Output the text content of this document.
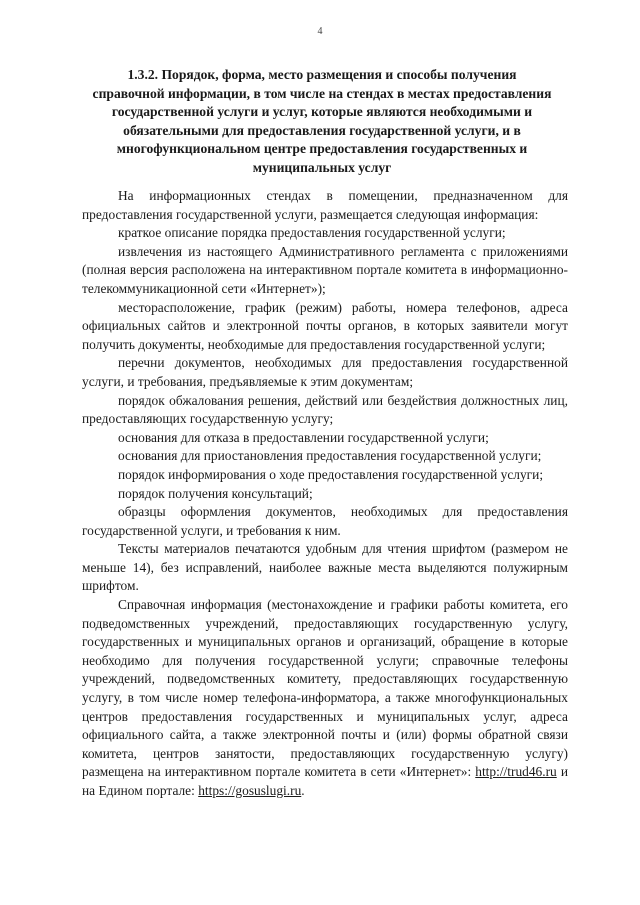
4
1.3.2. Порядок, форма, место размещения и способы получения справочной информации, в том числе на стендах в местах предоставления государственной услуги и услуг, которые являются необходимыми и обязательными для предоставления государственной услуги, и в многофункциональном центре предоставления государственных и муниципальных услуг

На информационных стендах в помещении, предназначенном для предоставления государственной услуги, размещается следующая информация:

краткое описание порядка предоставления государственной услуги;

извлечения из настоящего Административного регламента с приложениями (полная версия расположена на интерактивном портале комитета в информационно-телекоммуникационной сети «Интернет»);

месторасположение, график (режим) работы, номера телефонов, адреса официальных сайтов и электронной почты органов, в которых заявители могут получить документы, необходимые для предоставления государственной услуги;

перечни документов, необходимых для предоставления государственной услуги, и требования, предъявляемые к этим документам;

порядок обжалования решения, действий или бездействия должностных лиц, предоставляющих государственную услугу;

основания для отказа в предоставлении государственной услуги;

основания для приостановления предоставления государственной услуги;

порядок информирования о ходе предоставления государственной услуги;

порядок получения консультаций;

образцы оформления документов, необходимых для предоставления государственной услуги, и требования к ним.

Тексты материалов печатаются удобным для чтения шрифтом (размером не меньше 14), без исправлений, наиболее важные места выделяются полужирным шрифтом.

Справочная информация (местонахождение и графики работы комитета, его подведомственных учреждений, предоставляющих государственную услугу, государственных и муниципальных органов и организаций, обращение в которые необходимо для получения государственной услуги; справочные телефоны учреждений, подведомственных комитету, предоставляющих государственную услугу, в том числе номер телефона-информатора, а также многофункциональных центров предоставления государственных и муниципальных услуг, адреса официального сайта, а также электронной почты и (или) формы обратной связи комитета, центров занятости, предоставляющих государственную услугу) размещена на интерактивном портале комитета в сети «Интернет»: http://trud46.ru и на Едином портале: https://gosuslugi.ru.
